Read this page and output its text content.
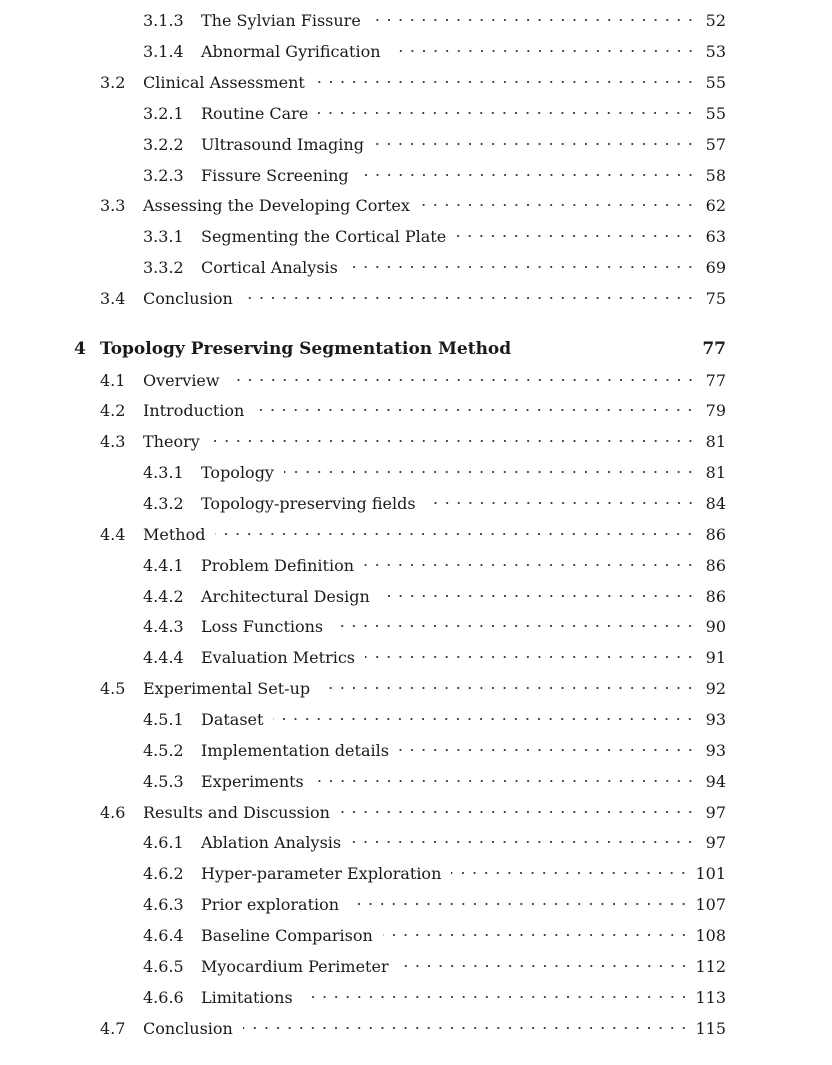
3.1.3	The Sylvian Fissure	52
3.1.4	Abnormal Gyrification	53
3.2	Clinical Assessment	55
3.2.1	Routine Care	55
3.2.2	Ultrasound Imaging	57
3.2.3	Fissure Screening	58
3.3	Assessing the Developing Cortex	62
3.3.1	Segmenting the Cortical Plate	63
3.3.2	Cortical Analysis	69
3.4	Conclusion	75
4 Topology Preserving Segmentation Method	77
4.1	Overview	77
4.2	Introduction	79
4.3	Theory	81
4.3.1	Topology	81
4.3.2	Topology-preserving fields	84
4.4	Method	86
4.4.1	Problem Definition	86
4.4.2	Architectural Design	86
4.4.3	Loss Functions	90
4.4.4	Evaluation Metrics	91
4.5	Experimental Set-up	92
4.5.1	Dataset	93
4.5.2	Implementation details	93
4.5.3	Experiments	94
4.6	Results and Discussion	97
4.6.1	Ablation Analysis	97
4.6.2	Hyper-parameter Exploration	101
4.6.3	Prior exploration	107
4.6.4	Baseline Comparison	108
4.6.5	Myocardium Perimeter	112
4.6.6	Limitations	113
4.7	Conclusion	115
